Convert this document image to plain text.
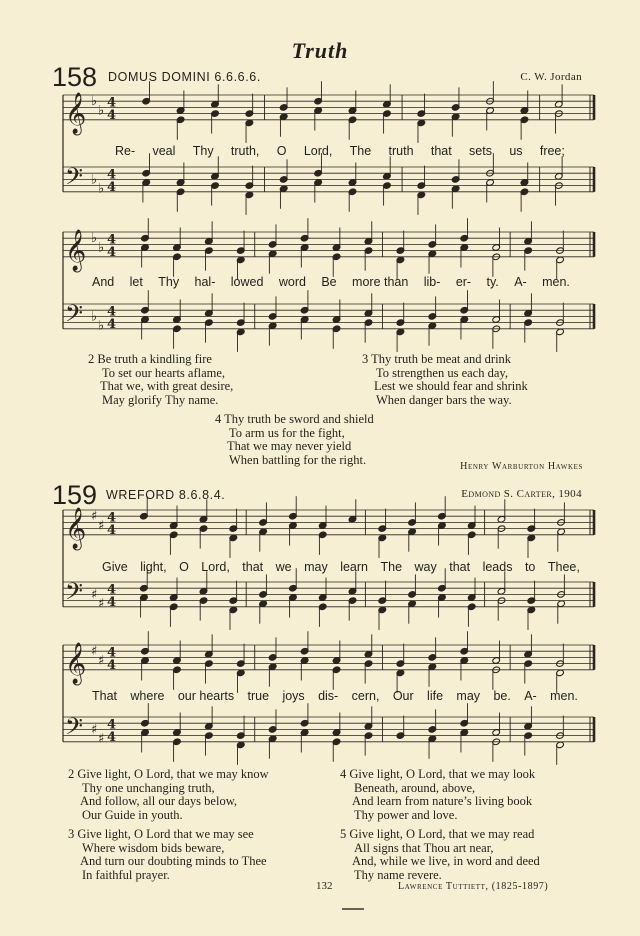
Truth
158 DOMUS DOMINI 6.6.6.6.	C. W. Jordan
𝄞
𝄢
♭
♭
♭
♭
4
4
4
4
Re- veal Thy truth, O Lord, The truth that sets us free;
𝄞
𝄢
♭
♭
♭
♭
4
4
4
4
And let Thy hal- lowed word Be more than lib- er- ty. A- men.
2 Be truth a kindling fire
To set our hearts aflame,
That we, with great desire,
May glorify Thy name.
3 Thy truth be meat and drink
To strengthen us each day,
Lest we should fear and shrink
When danger bars the way.
4 Thy truth be sword and shield
To arm us for the fight,
That we may never yield
When battling for the right.	Henry Warburton Hawkes
159 WREFORD 8.6.8.4.	Edmond S. Carter, 1904
𝄞
𝄢
♯
♯
♯
♯
4
4
4
4
Give light, O Lord, that we may learn The way that leads to Thee,
𝄞
𝄢
♯
♯
♯
♯
4
4
4
4
That where our hearts true joys dis- cern, Our life may be. A- men.
2 Give light, O Lord, that we may know
Thy one unchanging truth,
And follow, all our days below,
Our Guide in youth.
3 Give light, O Lord that we may see
Where wisdom bids beware,
And turn our doubting minds to Thee
In faithful prayer.
4 Give light, O Lord, that we may look
Beneath, around, above,
And learn from nature’s living book
Thy power and love.
5 Give light, O Lord, that we may read
All signs that Thou art near,
And, while we live, in word and deed
Thy name revere.
132	Lawrence Tuttiett, (1825-1897)
